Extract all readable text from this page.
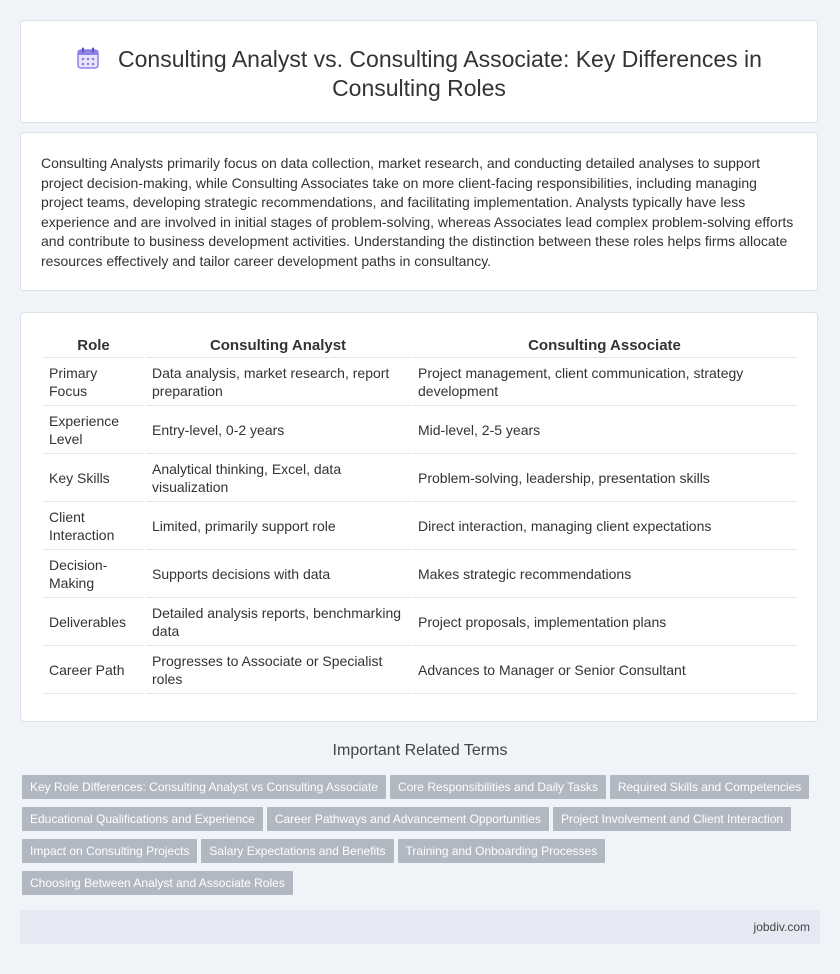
Consulting Analyst vs. Consulting Associate: Key Differences in Consulting Roles

Consulting Analysts primarily focus on data collection, market research, and conducting detailed analyses to support project decision-making, while Consulting Associates take on more client-facing responsibilities, including managing project teams, developing strategic recommendations, and facilitating implementation. Analysts typically have less experience and are involved in initial stages of problem-solving, whereas Associates lead complex problem-solving efforts and contribute to business development activities. Understanding the distinction between these roles helps firms allocate resources effectively and tailor career development paths in consultancy.

Role	Consulting Analyst	Consulting Associate
Primary Focus	Data analysis, market research, report preparation	Project management, client communication, strategy development
Experience Level	Entry-level, 0-2 years	Mid-level, 2-5 years
Key Skills	Analytical thinking, Excel, data visualization	Problem-solving, leadership, presentation skills
Client Interaction	Limited, primarily support role	Direct interaction, managing client expectations
Decision-Making	Supports decisions with data	Makes strategic recommendations
Deliverables	Detailed analysis reports, benchmarking data	Project proposals, implementation plans
Career Path	Progresses to Associate or Specialist roles	Advances to Manager or Senior Consultant
Important Related Terms
Key Role Differences: Consulting Analyst vs Consulting Associate Core Responsibilities and Daily Tasks Required Skills and Competencies
Educational Qualifications and Experience Career Pathways and Advancement Opportunities Project Involvement and Client Interaction
Impact on Consulting Projects Salary Expectations and Benefits Training and Onboarding Processes
Choosing Between Analyst and Associate Roles
jobdiv.com
